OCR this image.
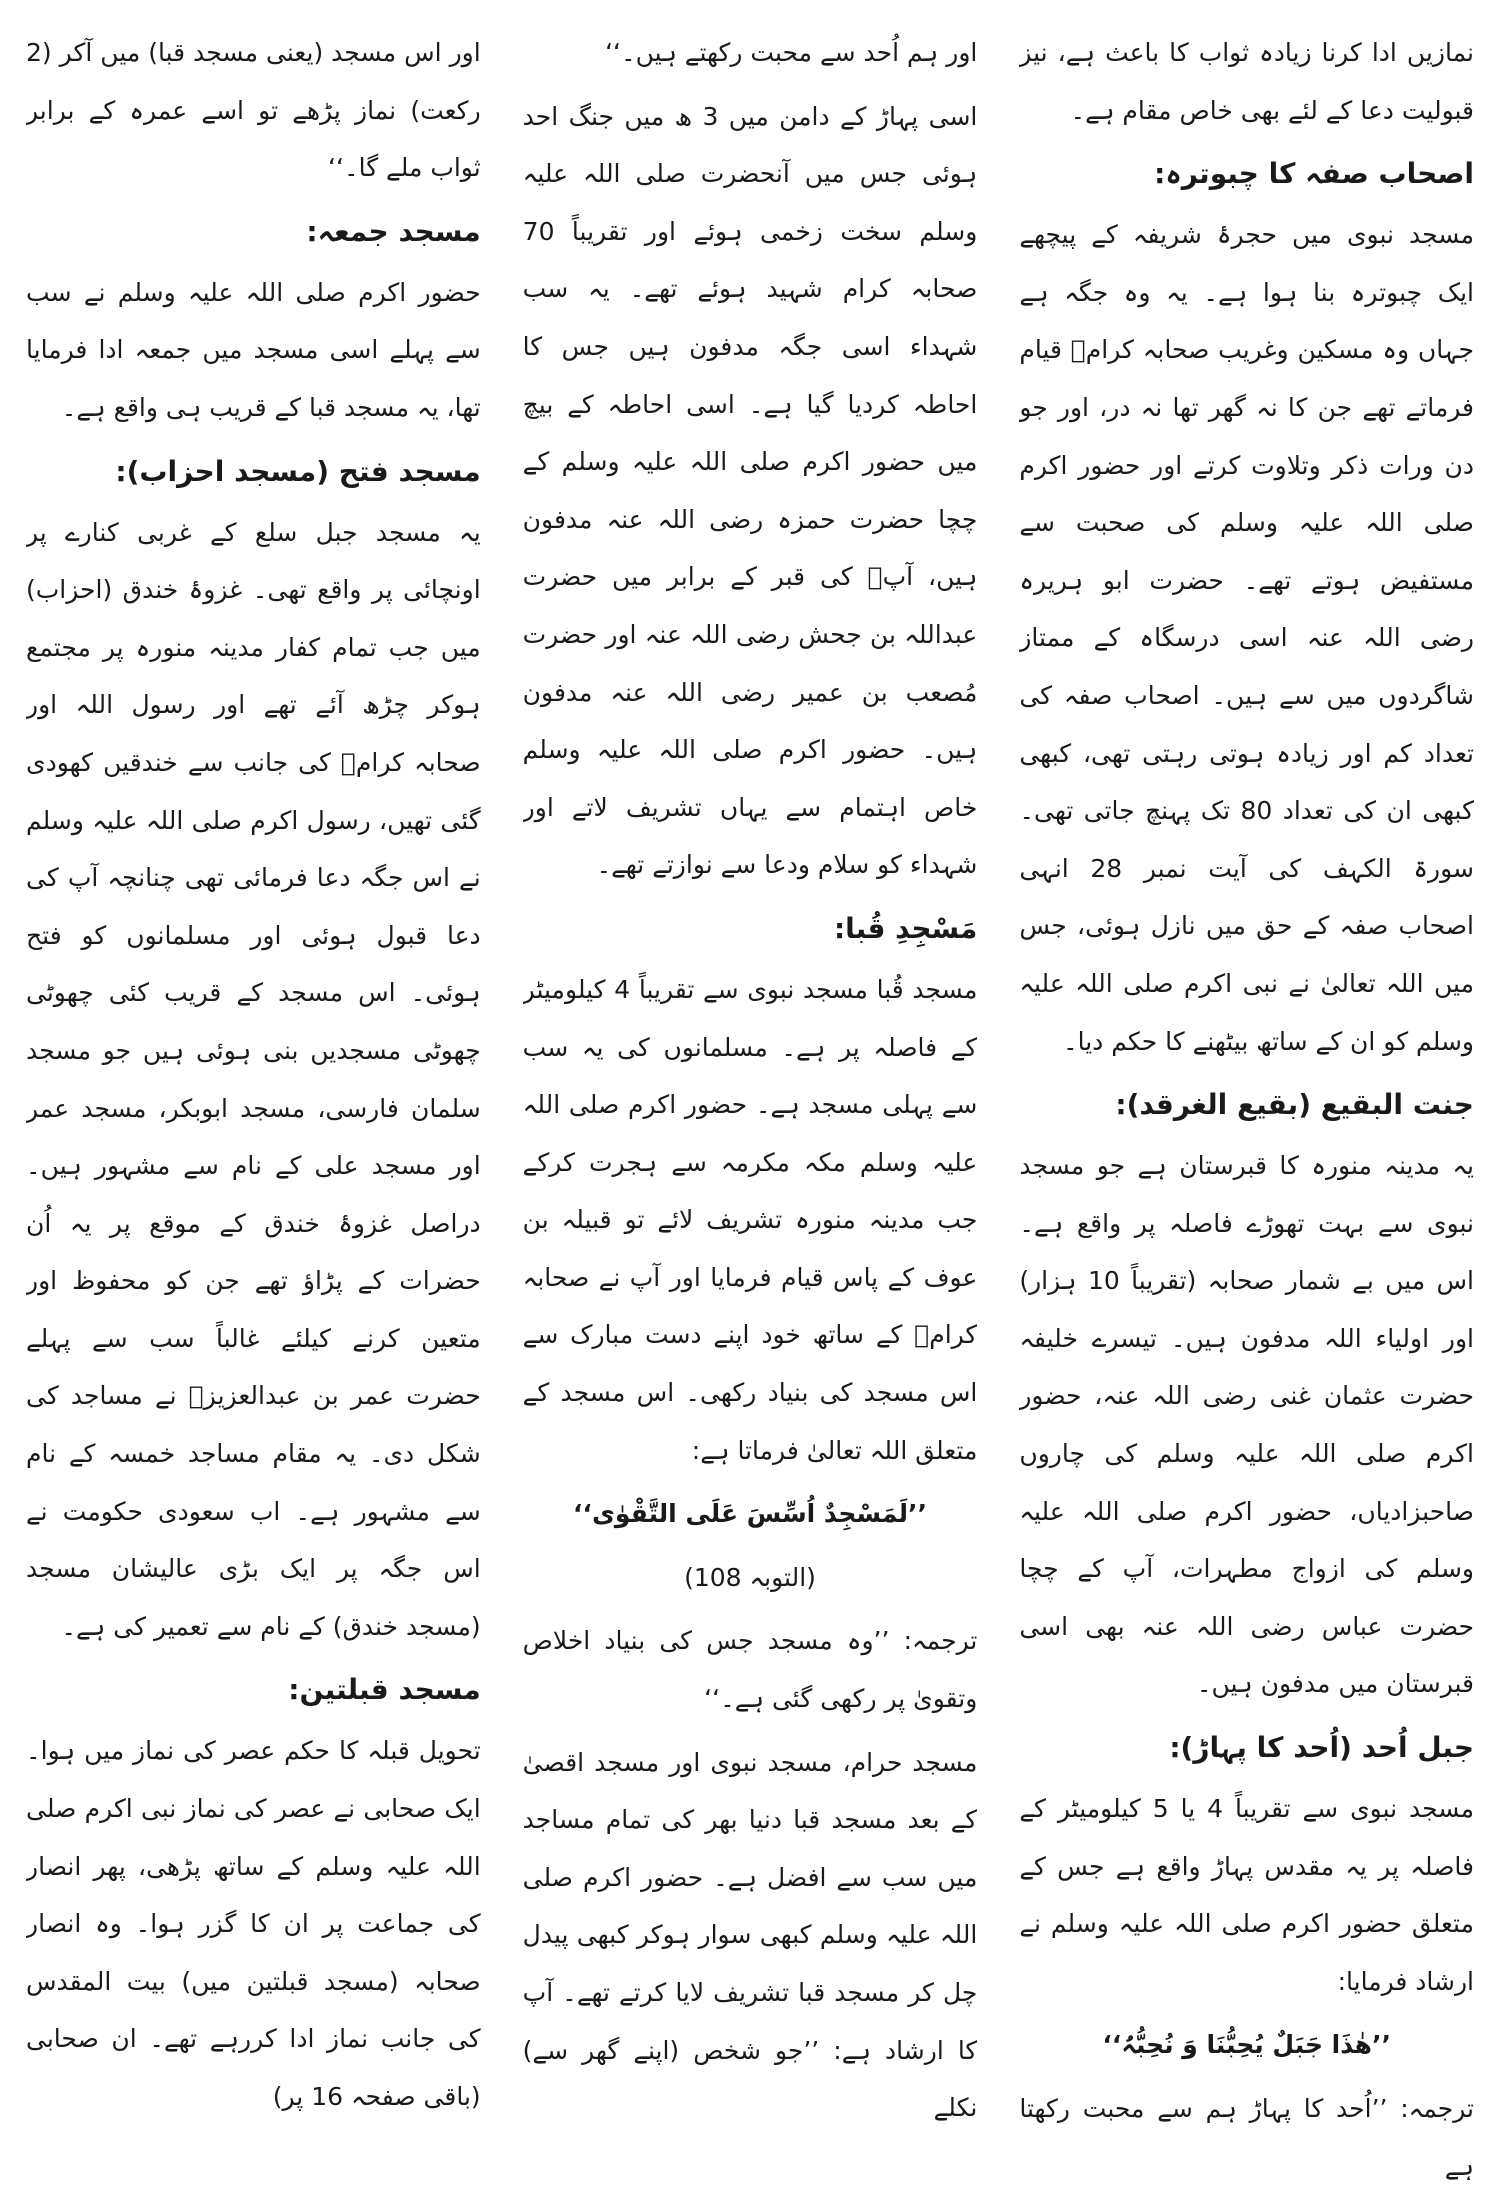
نمازیں ادا کرنا زیادہ ثواب کا باعث ہے، نیز قبولیت دعا کے لئے بھی خاص مقام ہے۔

اصحاب صفہ کا چبوترہ:

مسجد نبوی میں حجرۂ شریفہ کے پیچھے ایک چبوترہ بنا ہوا ہے۔ یہ وہ جگہ ہے جہاں وہ مسکین وغریب صحابہ کرامؓ قیام فرماتے تھے جن کا نہ گھر تھا نہ در، اور جو دن ورات ذکر وتلاوت کرتے اور حضور اکرم صلی اللہ علیہ وسلم کی صحبت سے مستفیض ہوتے تھے۔ حضرت ابو ہریرہ رضی اللہ عنہ اسی درسگاہ کے ممتاز شاگردوں میں سے ہیں۔ اصحاب صفہ کی تعداد کم اور زیادہ ہوتی رہتی تھی، کبھی کبھی ان کی تعداد 80 تک پہنچ جاتی تھی۔ سورۃ الکہف کی آیت نمبر 28 انہی اصحاب صفہ کے حق میں نازل ہوئی، جس میں اللہ تعالیٰ نے نبی اکرم صلی اللہ علیہ وسلم کو ان کے ساتھ بیٹھنے کا حکم دیا۔

جنت البقیع (بقیع الغرقد):

یہ مدینہ منورہ کا قبرستان ہے جو مسجد نبوی سے بہت تھوڑے فاصلہ پر واقع ہے۔ اس میں بے شمار صحابہ (تقریباً 10 ہزار) اور اولیاء اللہ مدفون ہیں۔ تیسرے خلیفہ حضرت عثمان غنی رضی اللہ عنہ، حضور اکرم صلی اللہ علیہ وسلم کی چاروں صاحبزادیاں، حضور اکرم صلی اللہ علیہ وسلم کی ازواج مطہرات، آپ کے چچا حضرت عباس رضی اللہ عنہ بھی اسی قبرستان میں مدفون ہیں۔

جبل اُحد (اُحد کا پہاڑ):

مسجد نبوی سے تقریباً 4 یا 5 کیلومیٹر کے فاصلہ پر یہ مقدس پہاڑ واقع ہے جس کے متعلق حضور اکرم صلی اللہ علیہ وسلم نے ارشاد فرمایا:

’’ھٰذَا جَبَلٌ یُحِبُّنَا وَ نُحِبُّہُ‘‘

ترجمہ: ’’اُحد کا پہاڑ ہم سے محبت رکھتا ہے

اور ہم اُحد سے محبت رکھتے ہیں۔‘‘

اسی پہاڑ کے دامن میں 3 ھ میں جنگ احد ہوئی جس میں آنحضرت صلی اللہ علیہ وسلم سخت زخمی ہوئے اور تقریباً 70 صحابہ کرام شہید ہوئے تھے۔ یہ سب شہداء اسی جگہ مدفون ہیں جس کا احاطہ کردیا گیا ہے۔ اسی احاطہ کے بیچ میں حضور اکرم صلی اللہ علیہ وسلم کے چچا حضرت حمزہ رضی اللہ عنہ مدفون ہیں، آپؓ کی قبر کے برابر میں حضرت عبداللہ بن جحش رضی اللہ عنہ اور حضرت مُصعب بن عمیر رضی اللہ عنہ مدفون ہیں۔ حضور اکرم صلی اللہ علیہ وسلم خاص اہتمام سے یہاں تشریف لاتے اور شہداء کو سلام ودعا سے نوازتے تھے۔

مَسْجِدِ قُبا:

مسجد قُبا مسجد نبوی سے تقریباً 4 کیلومیٹر کے فاصلہ پر ہے۔ مسلمانوں کی یہ سب سے پہلی مسجد ہے۔ حضور اکرم صلی اللہ علیہ وسلم مکہ مکرمہ سے ہجرت کرکے جب مدینہ منورہ تشریف لائے تو قبیلہ بن عوف کے پاس قیام فرمایا اور آپ نے صحابہ کرامؓ کے ساتھ خود اپنے دست مبارک سے اس مسجد کی بنیاد رکھی۔ اس مسجد کے متعلق اللہ تعالیٰ فرماتا ہے:

’’لَمَسْجِدٌ اُسِّسَ عَلَی التَّقْوٰی‘‘

(التوبہ 108)

ترجمہ: ’’وہ مسجد جس کی بنیاد اخلاص وتقویٰ پر رکھی گئی ہے۔‘‘

مسجد حرام، مسجد نبوی اور مسجد اقصیٰ کے بعد مسجد قبا دنیا بھر کی تمام مساجد میں سب سے افضل ہے۔ حضور اکرم صلی اللہ علیہ وسلم کبھی سوار ہوکر کبھی پیدل چل کر مسجد قبا تشریف لایا کرتے تھے۔ آپ کا ارشاد ہے: ’’جو شخص (اپنے گھر سے) نکلے

اور اس مسجد (یعنی مسجد قبا) میں آکر (2 رکعت) نماز پڑھے تو اسے عمرہ کے برابر ثواب ملے گا۔‘‘

مسجد جمعہ:

حضور اکرم صلی اللہ علیہ وسلم نے سب سے پہلے اسی مسجد میں جمعہ ادا فرمایا تھا، یہ مسجد قبا کے قریب ہی واقع ہے۔

مسجد فتح (مسجد احزاب):

یہ مسجد جبل سلع کے غربی کنارے پر اونچائی پر واقع تھی۔ غزوۂ خندق (احزاب) میں جب تمام کفار مدینہ منورہ پر مجتمع ہوکر چڑھ آئے تھے اور رسول اللہ اور صحابہ کرامؓ کی جانب سے خندقیں کھودی گئی تھیں، رسول اکرم صلی اللہ علیہ وسلم نے اس جگہ دعا فرمائی تھی چنانچہ آپ کی دعا قبول ہوئی اور مسلمانوں کو فتح ہوئی۔ اس مسجد کے قریب کئی چھوٹی چھوٹی مسجدیں بنی ہوئی ہیں جو مسجد سلمان فارسی، مسجد ابوبکر، مسجد عمر اور مسجد علی کے نام سے مشہور ہیں۔ دراصل غزوۂ خندق کے موقع پر یہ اُن حضرات کے پڑاؤ تھے جن کو محفوظ اور متعین کرنے کیلئے غالباً سب سے پہلے حضرت عمر بن عبدالعزیزؒ نے مساجد کی شکل دی۔ یہ مقام مساجد خمسہ کے نام سے مشہور ہے۔ اب سعودی حکومت نے اس جگہ پر ایک بڑی عالیشان مسجد (مسجد خندق) کے نام سے تعمیر کی ہے۔

مسجد قبلتین:

تحویل قبلہ کا حکم عصر کی نماز میں ہوا۔ ایک صحابی نے عصر کی نماز نبی اکرم صلی اللہ علیہ وسلم کے ساتھ پڑھی، پھر انصار کی جماعت پر ان کا گزر ہوا۔ وہ انصار صحابہ (مسجد قبلتین میں) بیت المقدس کی جانب نماز ادا کررہے تھے۔ ان صحابی (باقی صفحہ 16 پر)
